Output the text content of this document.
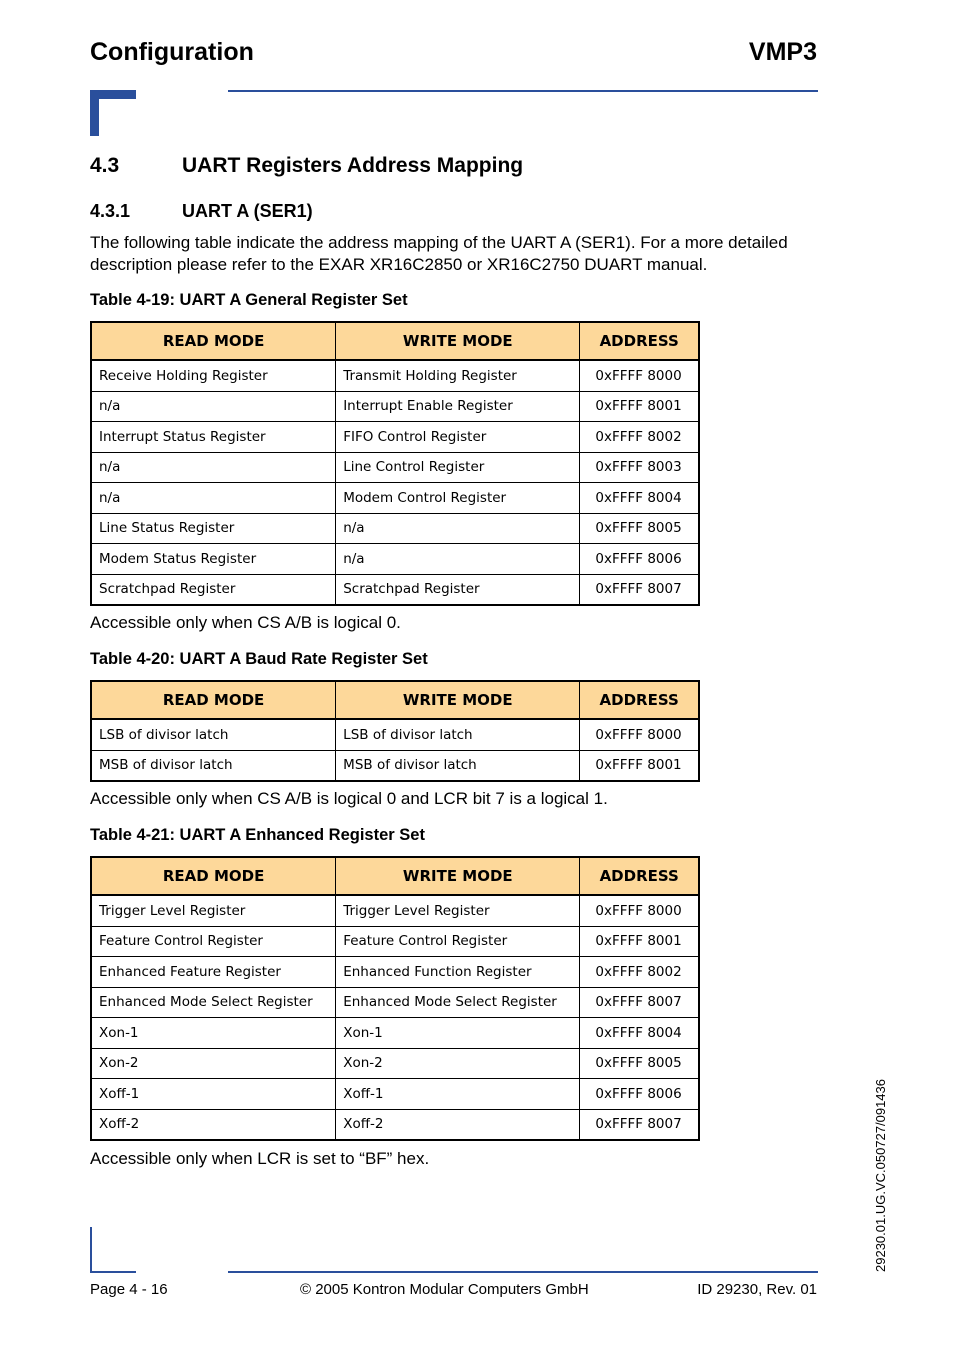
Configuration	VMP3
4.3	UART Registers Address Mapping
4.3.1	UART A (SER1)
The following table indicate the address mapping of the UART A (SER1). For a more detailed description please refer to the EXAR XR16C2850 or XR16C2750 DUART manual.
Table 4-19: UART A General Register Set
READ MODE	WRITE MODE	ADDRESS
Receive Holding Register	Transmit Holding Register	0xFFFF 8000
n/a	Interrupt Enable Register	0xFFFF 8001
Interrupt Status Register	FIFO Control Register	0xFFFF 8002
n/a	Line Control Register	0xFFFF 8003
n/a	Modem Control Register	0xFFFF 8004
Line Status Register	n/a	0xFFFF 8005
Modem Status Register	n/a	0xFFFF 8006
Scratchpad Register	Scratchpad Register	0xFFFF 8007
Accessible only when CS A/B is logical 0.
Table 4-20: UART A Baud Rate Register Set
READ MODE	WRITE MODE	ADDRESS
LSB of divisor latch	LSB of divisor latch	0xFFFF 8000
MSB of divisor latch	MSB of divisor latch	0xFFFF 8001
Accessible only when CS A/B is logical 0 and LCR bit 7 is a logical 1.
Table 4-21: UART A Enhanced Register Set
READ MODE	WRITE MODE	ADDRESS
Trigger Level Register	Trigger Level Register	0xFFFF 8000
Feature Control Register	Feature Control Register	0xFFFF 8001
Enhanced Feature Register	Enhanced Function Register	0xFFFF 8002
Enhanced Mode Select Register	Enhanced Mode Select Register	0xFFFF 8007
Xon-1	Xon-1	0xFFFF 8004
Xon-2	Xon-2	0xFFFF 8005
Xoff-1	Xoff-1	0xFFFF 8006
Xoff-2	Xoff-2	0xFFFF 8007
Accessible only when LCR is set to “BF” hex.	29230.01.UG.VC.050727/091436
Page 4 - 16	© 2005 Kontron Modular Computers GmbH	ID 29230, Rev. 01
